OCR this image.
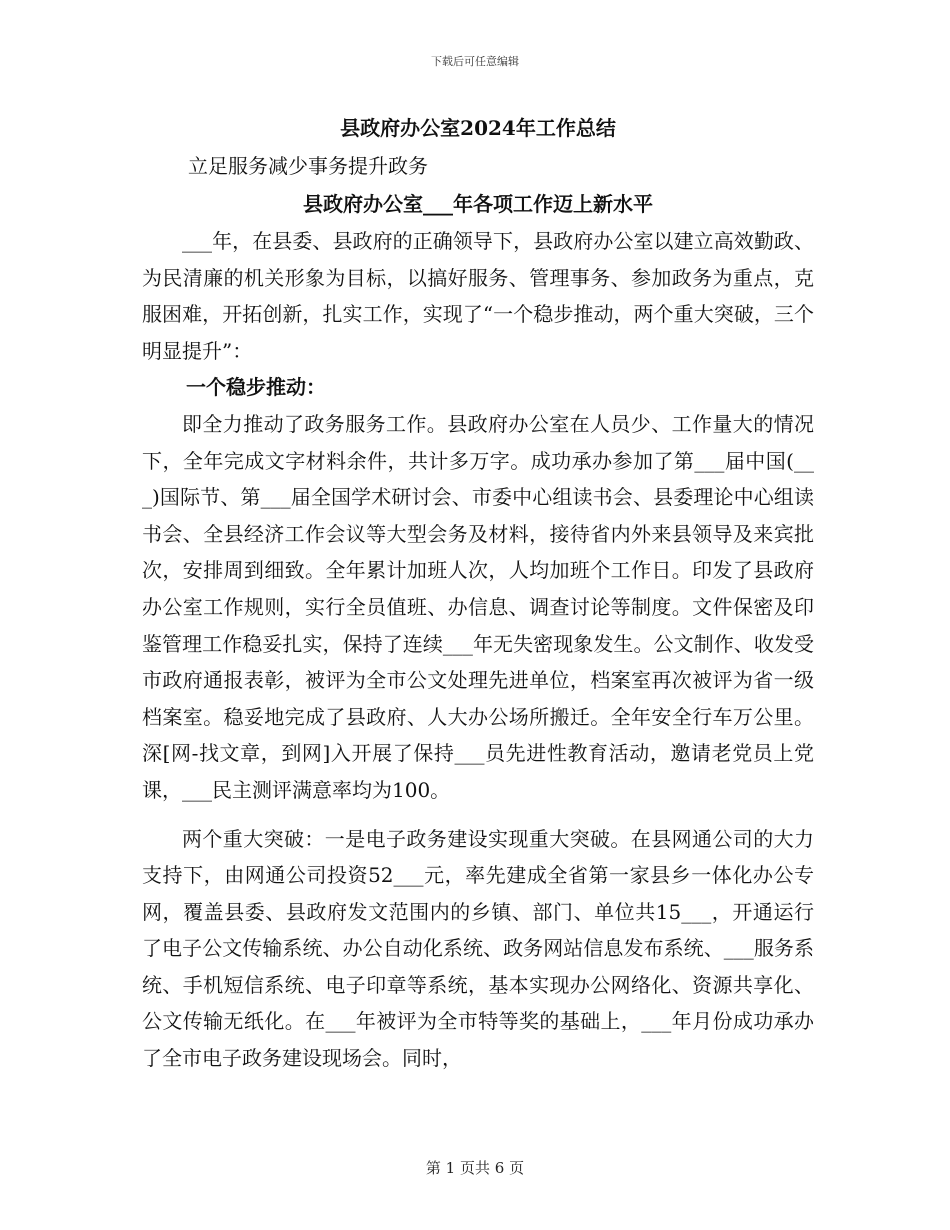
下载后可任意编辑
县政府办公室2024年工作总结

立足服务减少事务提升政务

县政府办公室___年各项工作迈上新水平

___年，在县委、县政府的正确领导下，县政府办公室以建立高效勤政、为民清廉的机关形象为目标，以搞好服务、管理事务、参加政务为重点，克服困难，开拓创新，扎实工作，实现了“一个稳步推动，两个重大突破，三个明显提升”：

一个稳步推动：

即全力推动了政务服务工作。县政府办公室在人员少、工作量大的情况下，全年完成文字材料余件，共计多万字。成功承办参加了第___届中国(___)国际节、第___届全国学术研讨会、市委中心组读书会、县委理论中心组读书会、全县经济工作会议等大型会务及材料，接待省内外来县领导及来宾批次，安排周到细致。全年累计加班人次，人均加班个工作日。印发了县政府办公室工作规则，实行全员值班、办信息、调查讨论等制度。文件保密及印鉴管理工作稳妥扎实，保持了连续___年无失密现象发生。公文制作、收发受市政府通报表彰，被评为全市公文处理先进单位，档案室再次被评为省一级档案室。稳妥地完成了县政府、人大办公场所搬迁。全年安全行车万公里。深[网-找文章，到网]入开展了保持___员先进性教育活动，邀请老党员上党课，___民主测评满意率均为100。

两个重大突破：一是电子政务建设实现重大突破。在县网通公司的大力支持下，由网通公司投资52___元，率先建成全省第一家县乡一体化办公专网，覆盖县委、县政府发文范围内的乡镇、部门、单位共15___，开通运行了电子公文传输系统、办公自动化系统、政务网站信息发布系统、___服务系统、手机短信系统、电子印章等系统，基本实现办公网络化、资源共享化、公文传输无纸化。在___年被评为全市特等奖的基础上，___年月份成功承办了全市电子政务建设现场会。同时，

第 1 页共 6 页
